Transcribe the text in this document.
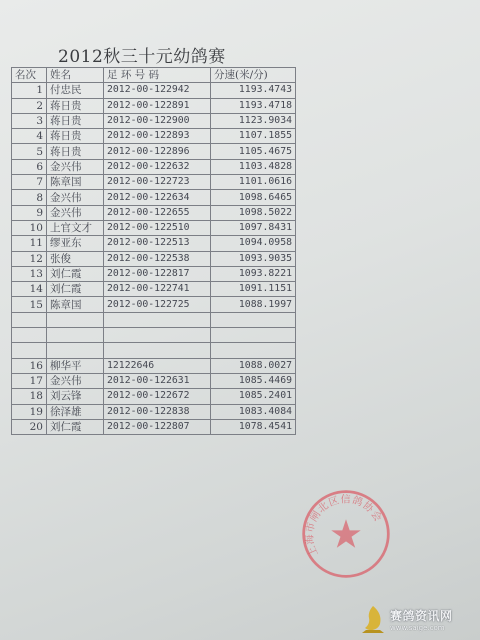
2012秋三十元幼鸽赛
名次	姓名	足 环 号 码	分速(米/分)
1	付忠民	2012-00-122942	1193.4743
2	蒋日贵	2012-00-122891	1193.4718
3	蒋日贵	2012-00-122900	1123.9034
4	蒋日贵	2012-00-122893	1107.1855
5	蒋日贵	2012-00-122896	1105.4675
6	金兴伟	2012-00-122632	1103.4828
7	陈章国	2012-00-122723	1101.0616
8	金兴伟	2012-00-122634	1098.6465
9	金兴伟	2012-00-122655	1098.5022
10	上官文才	2012-00-122510	1097.8431
11	缪亚东	2012-00-122513	1094.0958
12	张俊	2012-00-122538	1093.9035
13	刘仁霞	2012-00-122817	1093.8221
14	刘仁霞	2012-00-122741	1091.1151
15	陈章国	2012-00-122725	1088.1997

16	柳华平	12122646	1088.0027
17	金兴伟	2012-00-122631	1085.4469
18	刘云锋	2012-00-122672	1085.2401
19	徐泽雄	2012-00-122838	1083.4084
20	刘仁霞	2012-00-122807	1078.4541
上海市闸北区信鸽协会
赛鸽资讯网
www.saige.com
